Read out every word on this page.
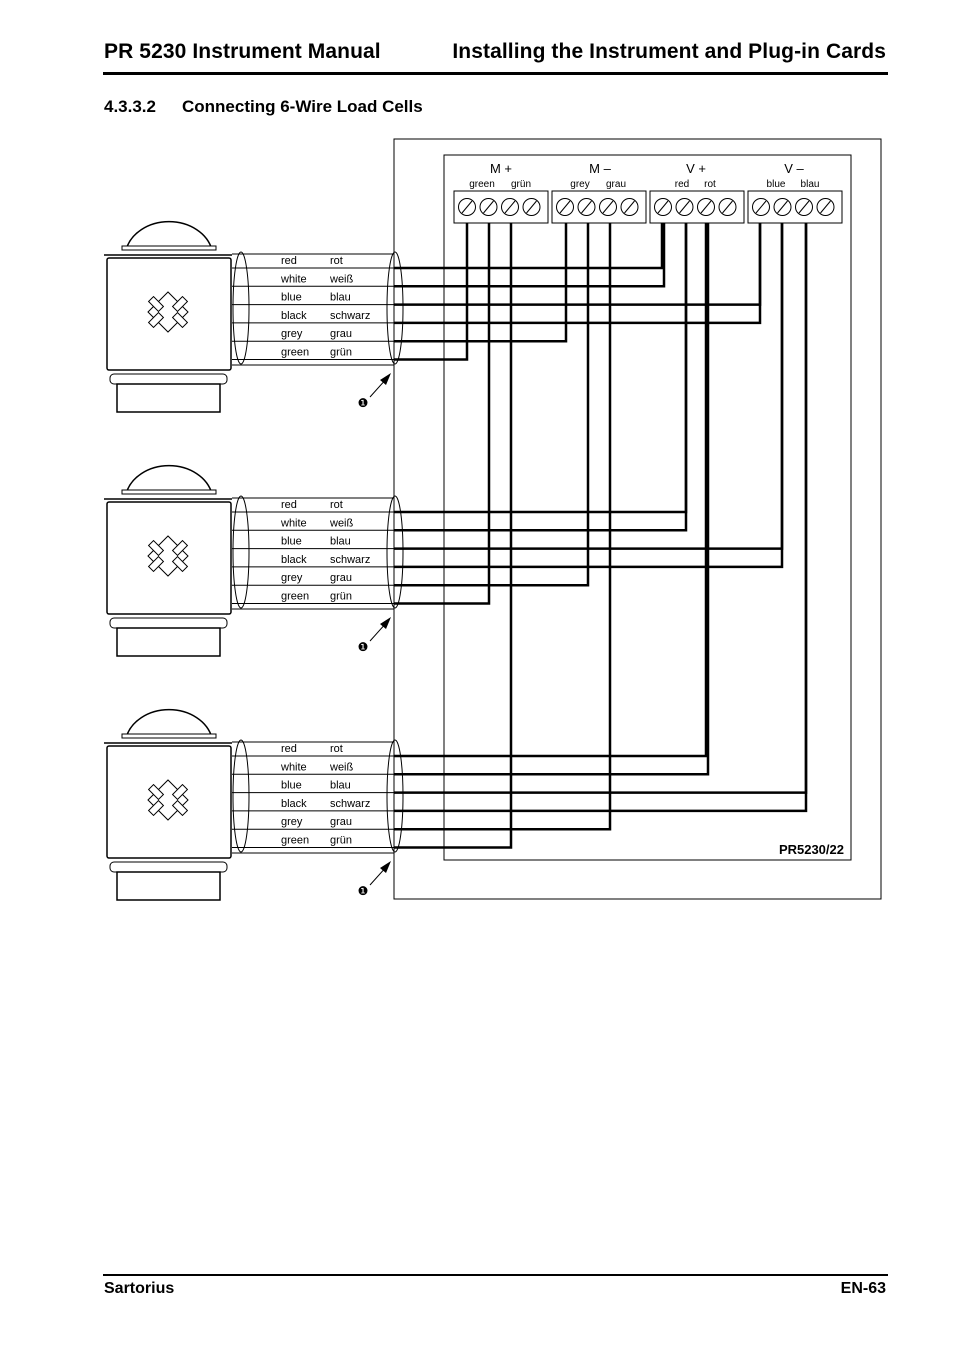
PR 5230 Instrument Manual	Installing the Instrument and Plug-in Cards
4.3.3.2 Connecting 6-Wire Load Cells
PR5230/22
M +
green grün
M –
grey grau
V +
red rot
V –
blue blau
red	rot
white weiß
blue	blau
black schwarz
grey	grau
green grün
❶
red	rot
white weiß
blue	blau
black schwarz
grey	grau
green grün
❶
red	rot
white weiß
blue	blau
black schwarz
grey	grau
green grün
❶
Sartorius	EN-63
